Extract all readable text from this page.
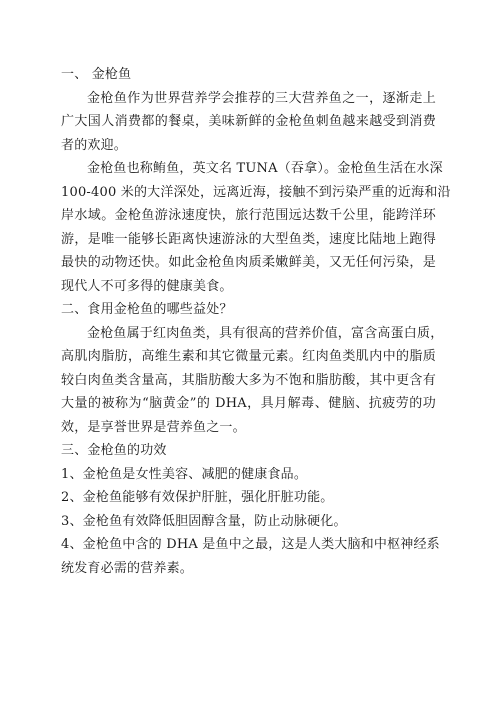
一、 金枪鱼

金枪鱼作为世界营养学会推荐的三大营养鱼之一，逐渐走上

广大国人消费都的餐桌，美味新鲜的金枪鱼刺鱼越来越受到消费

者的欢迎。

金枪鱼也称鲔鱼，英文名 TUNA（吞拿）。金枪鱼生活在水深

100-400 米的大洋深处，远离近海，接触不到污染严重的近海和沿

岸水域。金枪鱼游泳速度快，旅行范围远达数千公里，能跨洋环

游，是唯一能够长距离快速游泳的大型鱼类，速度比陆地上跑得

最快的动物还快。如此金枪鱼肉质柔嫩鲜美，又无任何污染，是

现代人不可多得的健康美食。

二、食用金枪鱼的哪些益处？

金枪鱼属于红肉鱼类，具有很高的营养价值，富含高蛋白质，

高肌肉脂肪，高维生素和其它微量元素。红肉鱼类肌内中的脂质

较白肉鱼类含量高，其脂肪酸大多为不饱和脂肪酸，其中更含有

大量的被称为“脑黄金”的 DHA，具月解毒、健脑、抗疲劳的功

效，是享誉世界是营养鱼之一。

三、金枪鱼的功效

1、金枪鱼是女性美容、减肥的健康食品。

2、金枪鱼能够有效保护肝脏，强化肝脏功能。

3、金枪鱼有效降低胆固醇含量，防止动脉硬化。

4、金枪鱼中含的 DHA 是鱼中之最，这是人类大脑和中枢神经系

统发育必需的营养素。
